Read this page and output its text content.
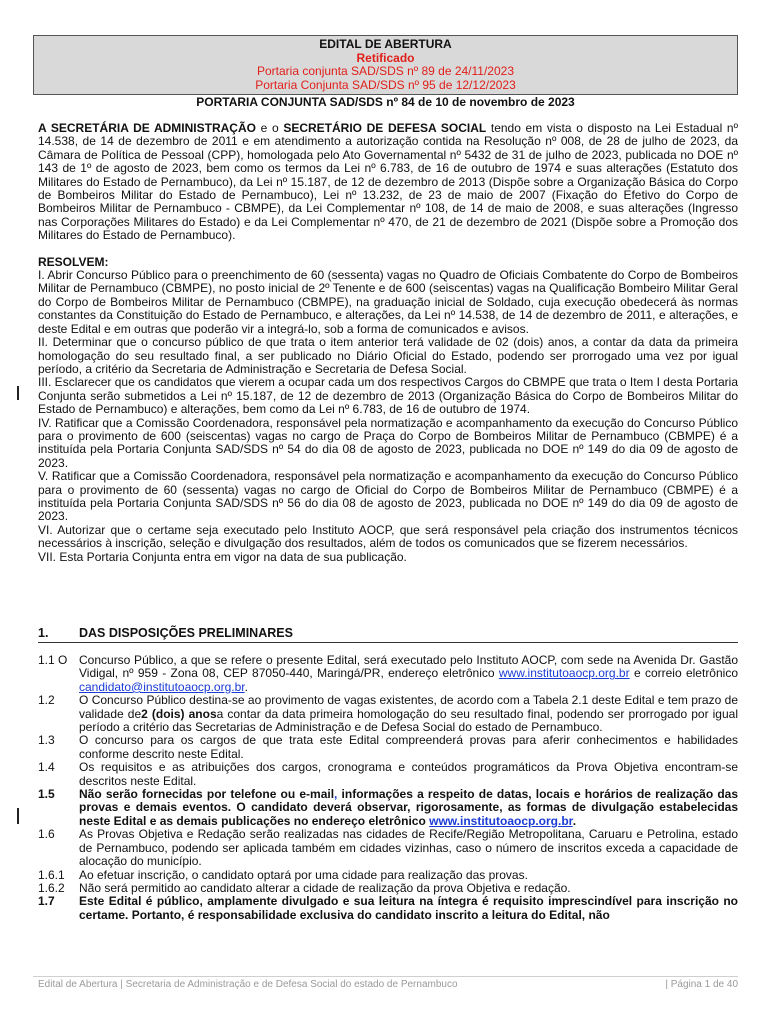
EDITAL DE ABERTURA
Retificado
Portaria conjunta SAD/SDS nº 89 de 24/11/2023
Portaria Conjunta SAD/SDS nº 95 de 12/12/2023
PORTARIA CONJUNTA SAD/SDS nº 84 de 10 de novembro de 2023

A SECRETÁRIA DE ADMINISTRAÇÃO e o SECRETÁRIO DE DEFESA SOCIAL tendo em vista o disposto na Lei Estadual nº 14.538, de 14 de dezembro de 2011 e em atendimento a autorização contida na Resolução nº 008, de 28 de julho de 2023, da Câmara de Política de Pessoal (CPP), homologada pelo Ato Governamental nº 5432 de 31 de julho de 2023, publicada no DOE nº 143 de 1º de agosto de 2023, bem como os termos da Lei nº 6.783, de 16 de outubro de 1974 e suas alterações (Estatuto dos Militares do Estado de Pernambuco), da Lei nº 15.187, de 12 de dezembro de 2013 (Dispõe sobre a Organização Básica do Corpo de Bombeiros Militar do Estado de Pernambuco), Lei nº 13.232, de 23 de maio de 2007 (Fixação do Efetivo do Corpo de Bombeiros Militar de Pernambuco - CBMPE), da Lei Complementar nº 108, de 14 de maio de 2008, e suas alterações (Ingresso nas Corporações Militares do Estado) e da Lei Complementar nº 470, de 21 de dezembro de 2021 (Dispõe sobre a Promoção dos Militares do Estado de Pernambuco).

RESOLVEM:

I. Abrir Concurso Público para o preenchimento de 60 (sessenta) vagas no Quadro de Oficiais Combatente do Corpo de Bombeiros Militar de Pernambuco (CBMPE), no posto inicial de 2º Tenente e de 600 (seiscentas) vagas na Qualificação Bombeiro Militar Geral do Corpo de Bombeiros Militar de Pernambuco (CBMPE), na graduação inicial de Soldado, cuja execução obedecerá às normas constantes da Constituição do Estado de Pernambuco, e alterações, da Lei nº 14.538, de 14 de dezembro de 2011, e alterações, e deste Edital e em outras que poderão vir a integrá-lo, sob a forma de comunicados e avisos.

II. Determinar que o concurso público de que trata o item anterior terá validade de 02 (dois) anos, a contar da data da primeira homologação do seu resultado final, a ser publicado no Diário Oficial do Estado, podendo ser prorrogado uma vez por igual período, a critério da Secretaria de Administração e Secretaria de Defesa Social.

III. Esclarecer que os candidatos que vierem a ocupar cada um dos respectivos Cargos do CBMPE que trata o Item I desta Portaria Conjunta serão submetidos a Lei nº 15.187, de 12 de dezembro de 2013 (Organização Básica do Corpo de Bombeiros Militar do Estado de Pernambuco) e alterações, bem como da Lei nº 6.783, de 16 de outubro de 1974.

IV. Ratificar que a Comissão Coordenadora, responsável pela normatização e acompanhamento da execução do Concurso Público para o provimento de 600 (seiscentas) vagas no cargo de Praça do Corpo de Bombeiros Militar de Pernambuco (CBMPE) é a instituída pela Portaria Conjunta SAD/SDS nº 54 do dia 08 de agosto de 2023, publicada no DOE nº 149 do dia 09 de agosto de 2023.

V. Ratificar que a Comissão Coordenadora, responsável pela normatização e acompanhamento da execução do Concurso Público para o provimento de 60 (sessenta) vagas no cargo de Oficial do Corpo de Bombeiros Militar de Pernambuco (CBMPE) é a instituída pela Portaria Conjunta SAD/SDS nº 56 do dia 08 de agosto de 2023, publicada no DOE nº 149 do dia 09 de agosto de 2023.

VI. Autorizar que o certame seja executado pelo Instituto AOCP, que será responsável pela criação dos instrumentos técnicos necessários à inscrição, seleção e divulgação dos resultados, além de todos os comunicados que se fizerem necessários.

VII. Esta Portaria Conjunta entra em vigor na data de sua publicação.

1. DAS DISPOSIÇÕES PRELIMINARES

1.1 O Concurso Público, a que se refere o presente Edital, será executado pelo Instituto AOCP, com sede na Avenida Dr. Gastão Vidigal, nº 959 - Zona 08, CEP 87050-440, Maringá/PR, endereço eletrônico www.institutoaocp.org.br e correio eletrônico candidato@institutoaocp.org.br.

1.2	O Concurso Público destina-se ao provimento de vagas existentes, de acordo com a Tabela 2.1 deste Edital e tem prazo de validade de2 (dois) anosa contar da data primeira homologação do seu resultado final, podendo ser prorrogado por igual período a critério das Secretarias de Administração e de Defesa Social do estado de Pernambuco.

1.3	O concurso para os cargos de que trata este Edital compreenderá provas para aferir conhecimentos e habilidades conforme descrito neste Edital.

1.4	Os requisitos e as atribuições dos cargos, cronograma e conteúdos programáticos da Prova Objetiva encontram-se descritos neste Edital.

1.5	Não serão fornecidas por telefone ou e-mail, informações a respeito de datas, locais e horários de realização das provas e demais eventos. O candidato deverá observar, rigorosamente, as formas de divulgação estabelecidas neste Edital e as demais publicações no endereço eletrônico www.institutoaocp.org.br.

1.6	As Provas Objetiva e Redação serão realizadas nas cidades de Recife/Região Metropolitana, Caruaru e Petrolina, estado de Pernambuco, podendo ser aplicada também em cidades vizinhas, caso o número de inscritos exceda a capacidade de alocação do município.

1.6.1	Ao efetuar inscrição, o candidato optará por uma cidade para realização das provas.

1.6.2	Não será permitido ao candidato alterar a cidade de realização da prova Objetiva e redação.

1.7	Este Edital é público, amplamente divulgado e sua leitura na íntegra é requisito imprescindível para inscrição no certame. Portanto, é responsabilidade exclusiva do candidato inscrito a leitura do Edital, não

Edital de Abertura | Secretaria de Administração e de Defesa Social do estado de Pernambuco	| Página 1 de 40
